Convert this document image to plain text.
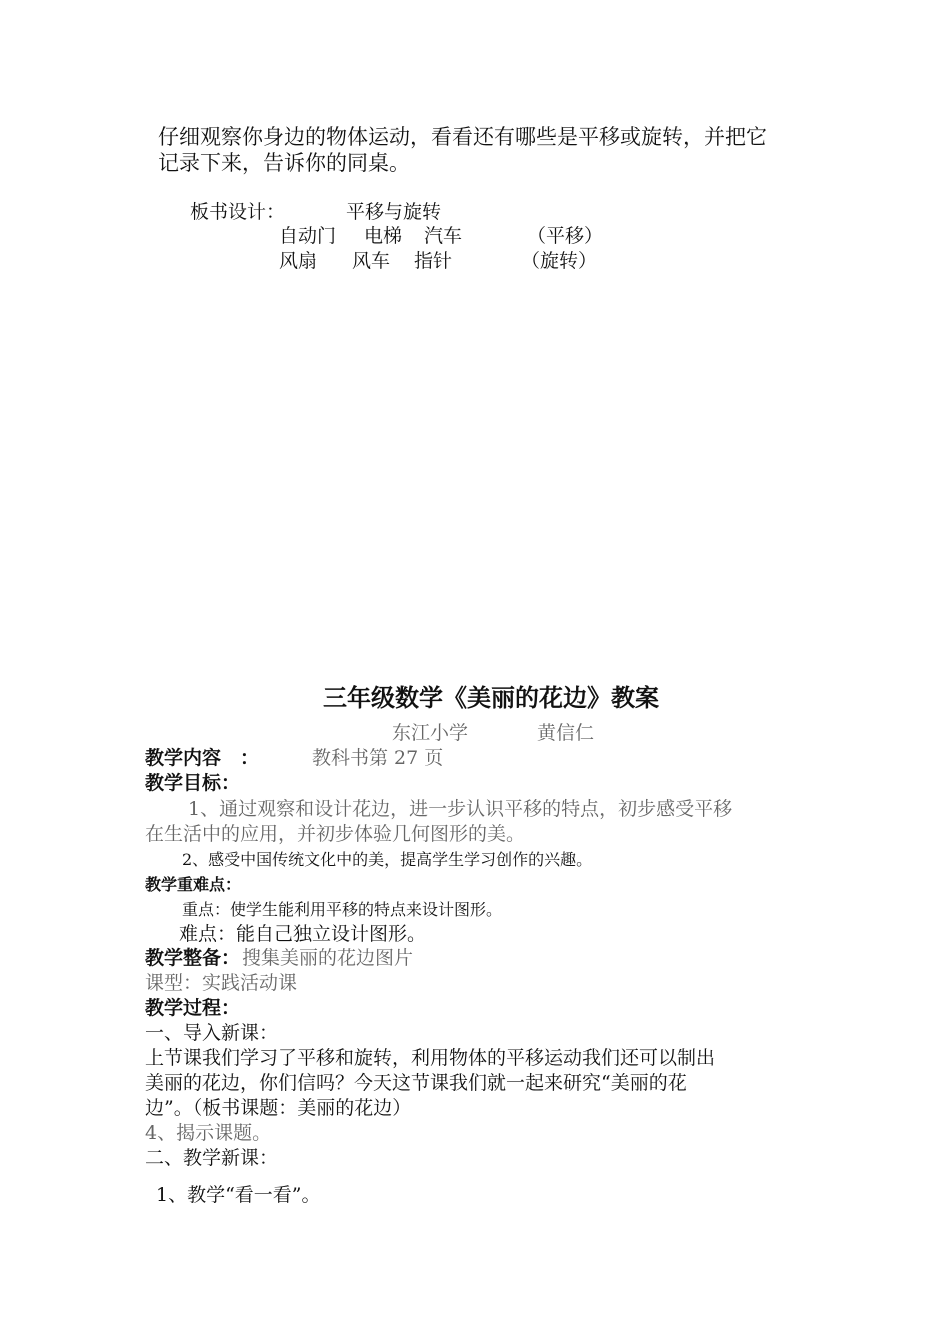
仔细观察你身边的物体运动，看看还有哪些是平移或旋转，并把它
记录下来，告诉你的同桌。
板书设计：	平移与旋转
自动门 电梯 汽车	（平移）
风扇 风车 指针	（旋转）
三年级数学《美丽的花边》教案
东江小学	黄信仁
教学内容　：	教科书第 27 页
教学目标：
1、通过观察和设计花边，进一步认识平移的特点，初步感受平移
在生活中的应用，并初步体验几何图形的美。
2、感受中国传统文化中的美，提高学生学习创作的兴趣。
教学重难点：
重点：使学生能利用平移的特点来设计图形。
难点：能自己独立设计图形。
教学整备： 搜集美丽的花边图片
课型：实践活动课
教学过程：
一、导入新课：
上节课我们学习了平移和旋转，利用物体的平移运动我们还可以制出
美丽的花边，你们信吗？今天这节课我们就一起来研究“美丽的花
边”。（板书课题：美丽的花边）
4、揭示课题。
二、教学新课：
1、教学“看一看”。
